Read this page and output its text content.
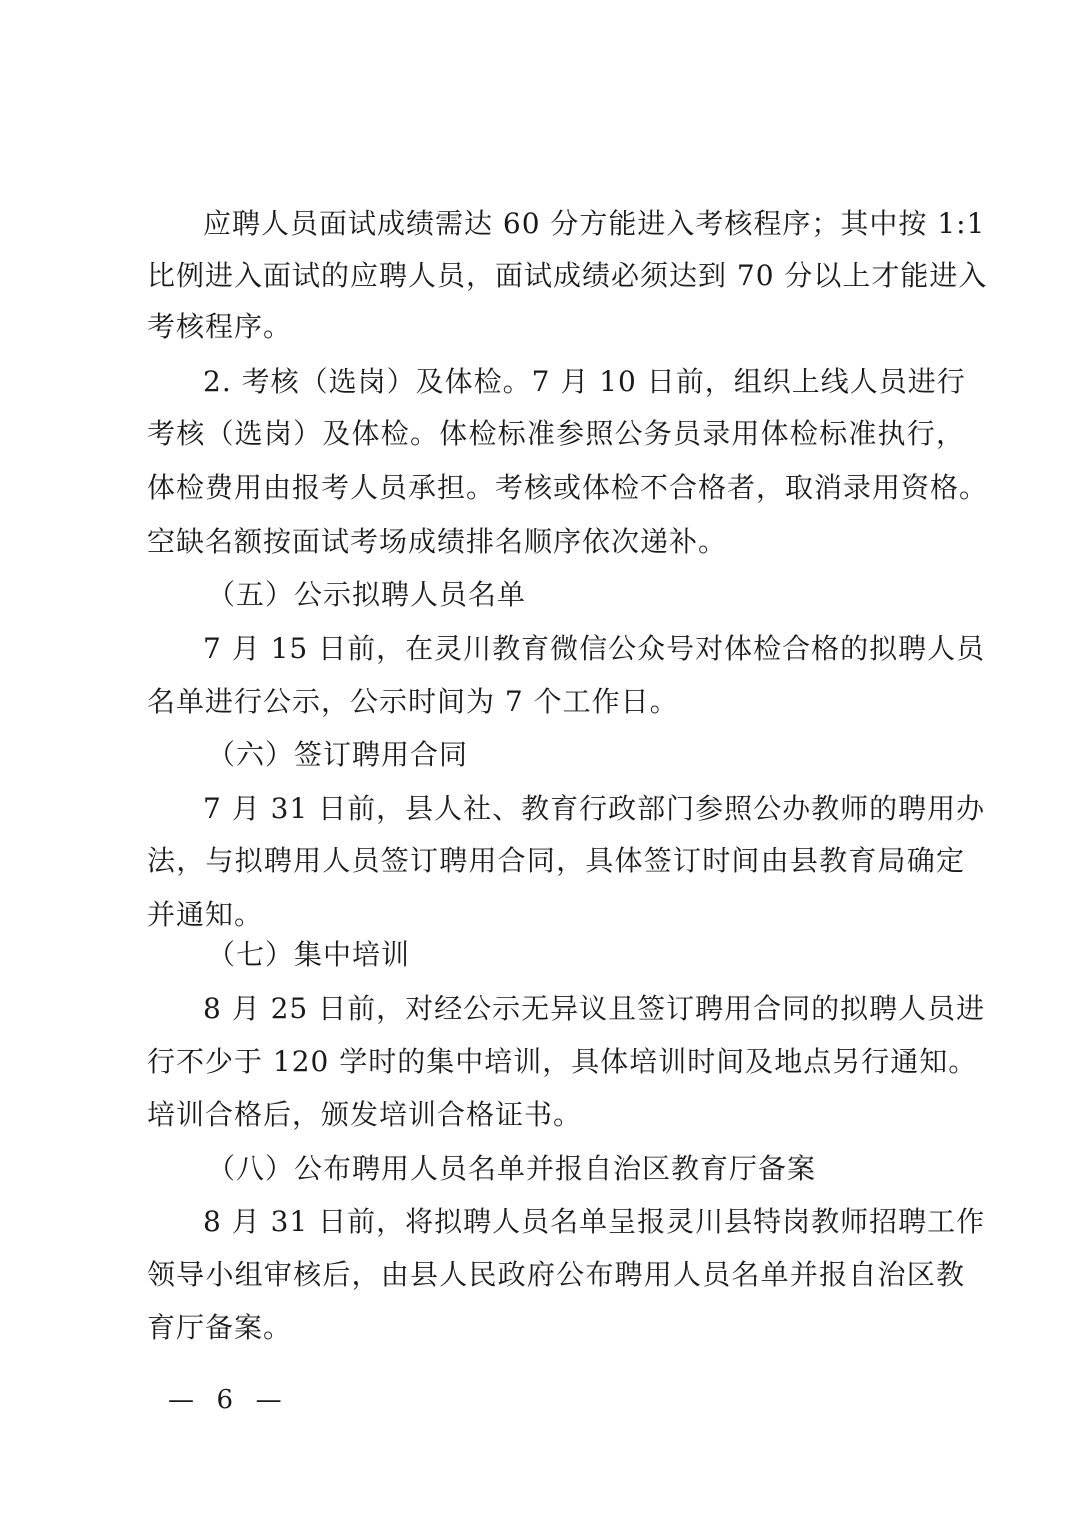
应聘人员面试成绩需达 60 分方能进入考核程序；其中按 1:1
比例进入面试的应聘人员，面试成绩必须达到 70 分以上才能进入
考核程序。
2. 考核（选岗）及体检。7 月 10 日前，组织上线人员进行
考核（选岗）及体检。体检标准参照公务员录用体检标准执行，
体检费用由报考人员承担。考核或体检不合格者，取消录用资格。
空缺名额按面试考场成绩排名顺序依次递补。
（五）公示拟聘人员名单
7 月 15 日前，在灵川教育微信公众号对体检合格的拟聘人员
名单进行公示，公示时间为 7 个工作日。
（六）签订聘用合同
7 月 31 日前，县人社、教育行政部门参照公办教师的聘用办
法，与拟聘用人员签订聘用合同，具体签订时间由县教育局确定
并通知。
（七）集中培训
8 月 25 日前，对经公示无异议且签订聘用合同的拟聘人员进
行不少于 120 学时的集中培训，具体培训时间及地点另行通知。
培训合格后，颁发培训合格证书。
（八）公布聘用人员名单并报自治区教育厅备案
8 月 31 日前，将拟聘人员名单呈报灵川县特岗教师招聘工作
领导小组审核后，由县人民政府公布聘用人员名单并报自治区教
育厅备案。
—  6  —
